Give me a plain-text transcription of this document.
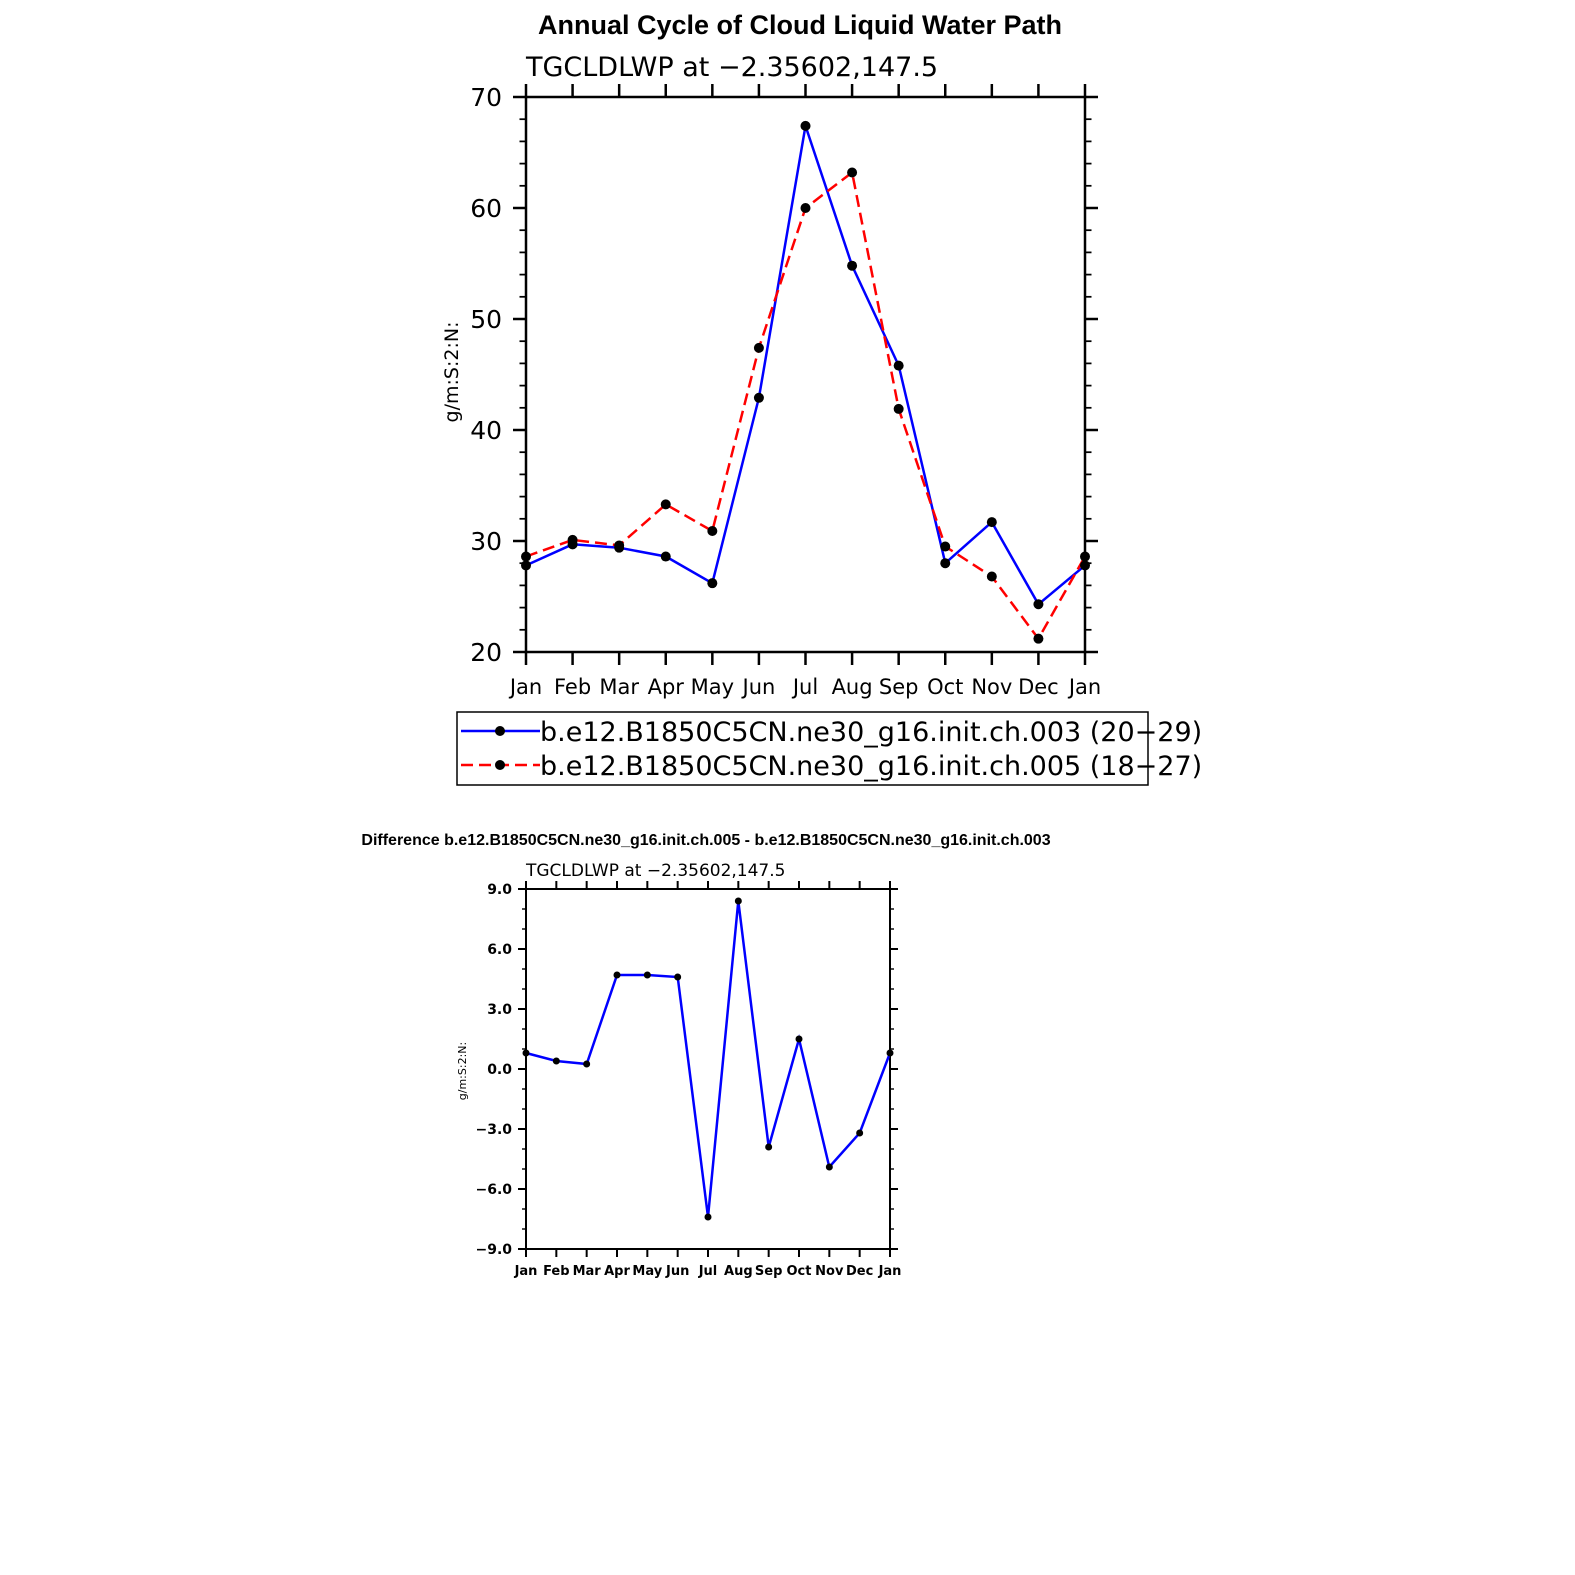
Annual Cycle of Cloud Liquid Water Path
TGCLDLWP at −2.35602,147.5
g/m:S:2:N:
Jan Feb Mar Apr May Jun Jul Aug Sep Oct Nov Dec Jan
20
30
40
50
60
70
b.e12.B1850C5CN.ne30_g16.init.ch.003 (20−29)
b.e12.B1850C5CN.ne30_g16.init.ch.005 (18−27)
Difference b.e12.B1850C5CN.ne30_g16.init.ch.005 - b.e12.B1850C5CN.ne30_g16.init.ch.003
TGCLDLWP at −2.35602,147.5
g/m:S:2:N:
Jan Feb Mar Apr May Jun Jul Aug Sep Oct Nov Dec Jan
−9.0
−6.0
−3.0
0.0
3.0
6.0
9.0
